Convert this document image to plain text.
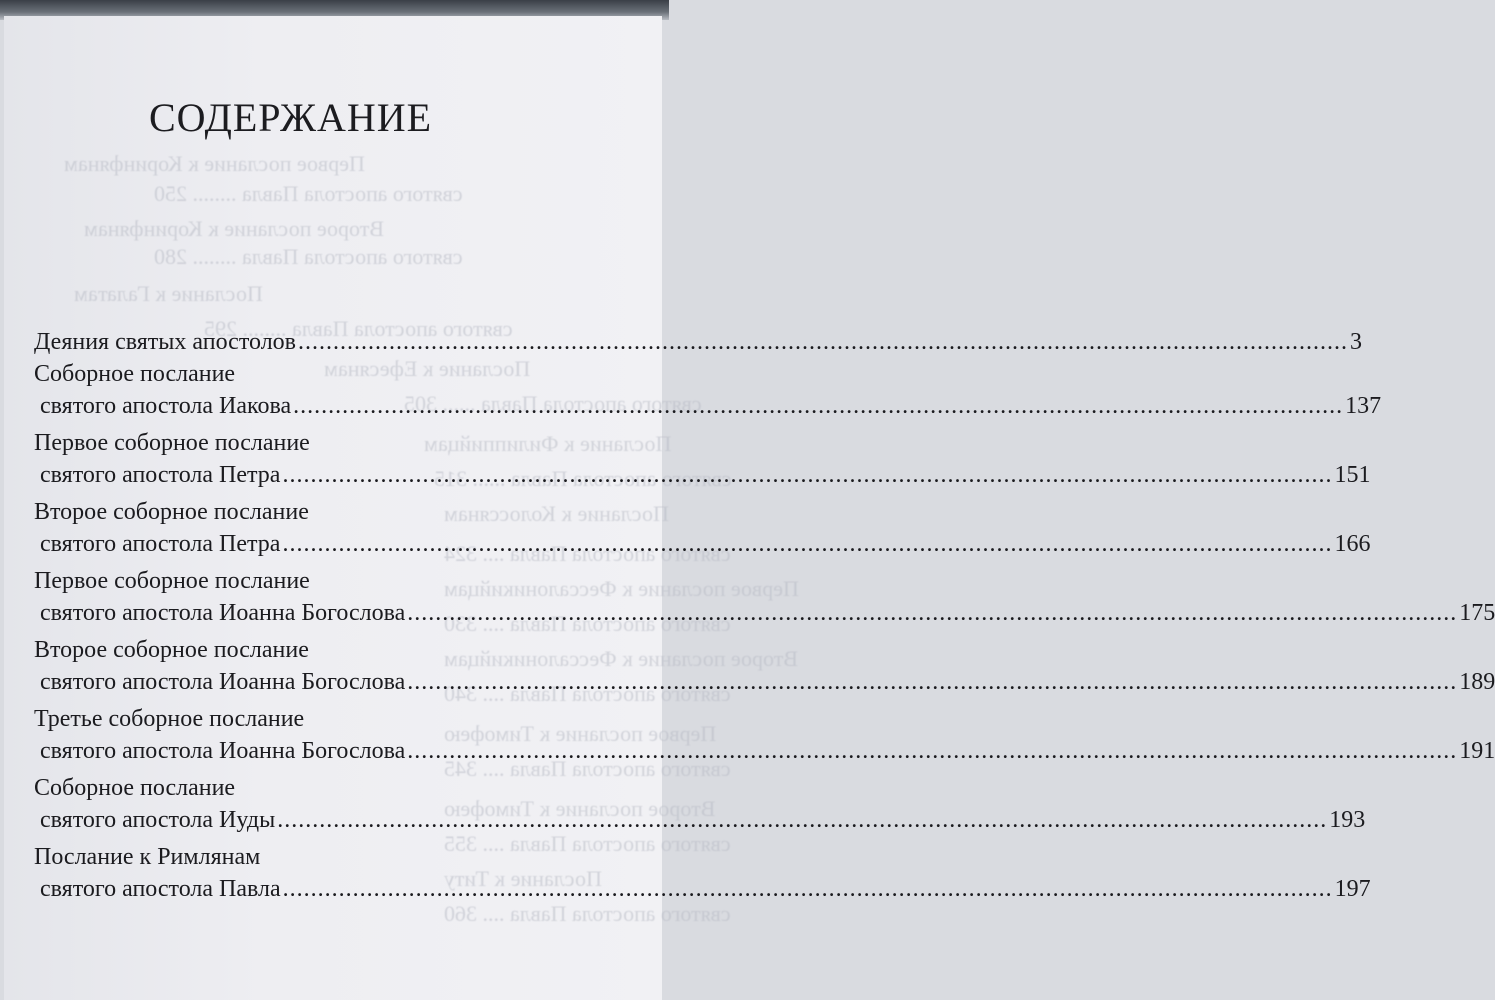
Первое послание к Коринфянам
святого апостола Павла ........ 250
Второе послание к Коринфянам
святого апостола Павла ........ 280
Послание к Галатам
святого апостола Павла ........ 295
Послание к Ефесянам
святого апостола Павла ...... 305
Послание к Филиппийцам
святого апостола Павла ...... 315
Послание к Колоссянам
святого апостола Павла .... 324
Первое послание к Фессалоникийцам
святого апостола Павла .... 330
Второе послание к Фессалоникийцам
святого апостола Павла .... 340
Первое послание к Тимофею
святого апостола Павла .... 345
Второе послание к Тимофею
святого апостола Павла .... 355
Послание к Титу
святого апостола Павла .... 360
СОДЕРЖАНИЕ
Деяния святых апостолов .....	3
Соборное послание
святого апостола Иакова .....	137
Первое соборное послание
святого апостола Петра .....	151
Второе соборное послание
святого апостола Петра .....	166
Первое соборное послание
святого апостола Иоанна Богослова .....	175
Второе соборное послание
святого апостола Иоанна Богослова .....	189
Третье соборное послание
святого апостола Иоанна Богослова .....	191
Соборное послание
святого апостола Иуды .....	193
Послание к Римлянам
святого апостола Павла .....	197
